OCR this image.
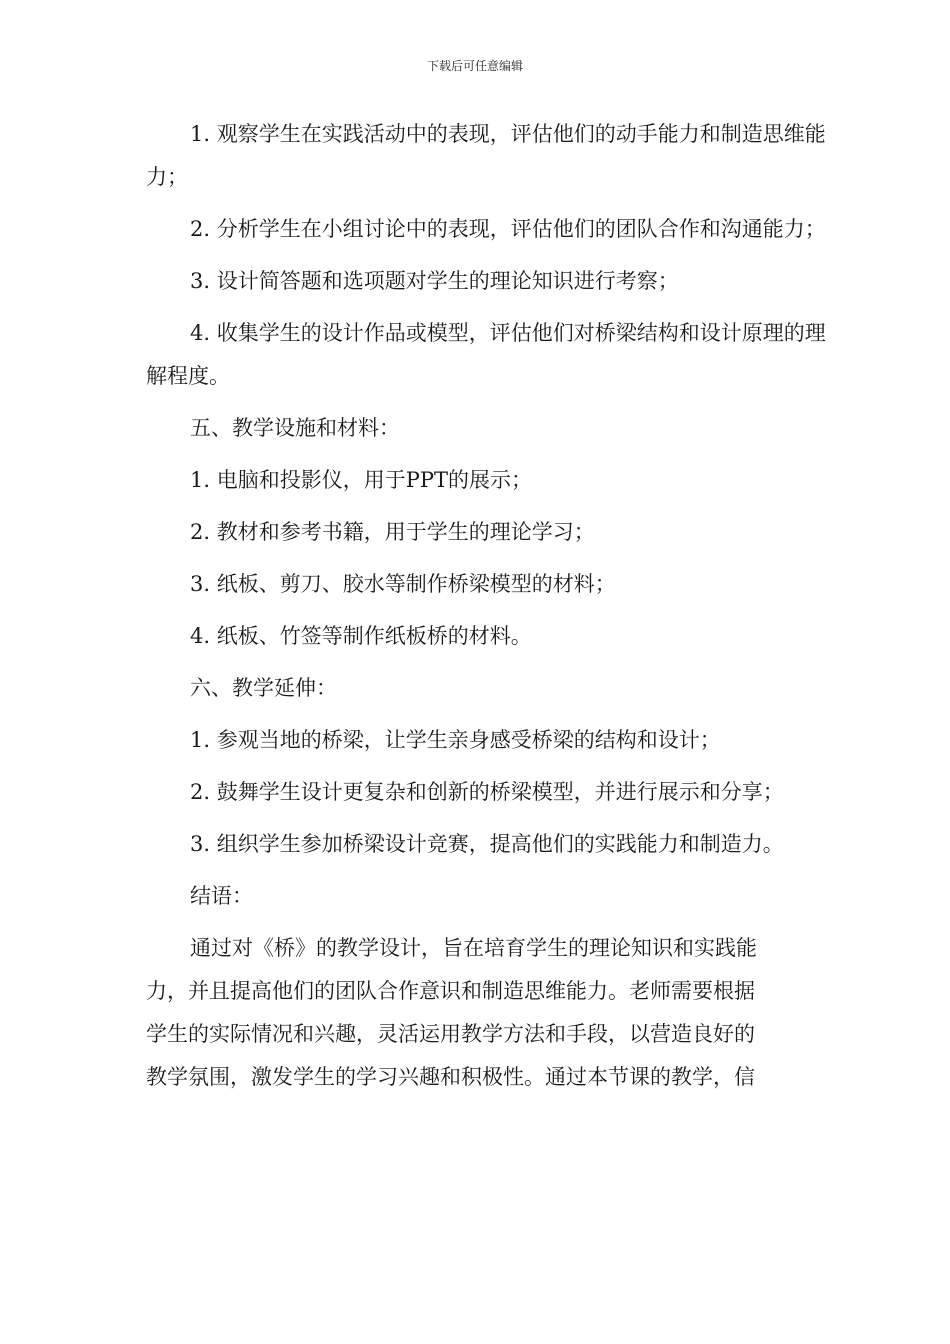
下载后可任意编辑

1. 观察学生在实践活动中的表现，评估他们的动手能力和制造思维能力；

2. 分析学生在小组讨论中的表现，评估他们的团队合作和沟通能力；

3. 设计简答题和选项题对学生的理论知识进行考察；

4. 收集学生的设计作品或模型，评估他们对桥梁结构和设计原理的理解程度。

五、教学设施和材料：

1. 电脑和投影仪，用于PPT的展示；

2. 教材和参考书籍，用于学生的理论学习；

3. 纸板、剪刀、胶水等制作桥梁模型的材料；

4. 纸板、竹签等制作纸板桥的材料。

六、教学延伸：

1. 参观当地的桥梁，让学生亲身感受桥梁的结构和设计；

2. 鼓舞学生设计更复杂和创新的桥梁模型，并进行展示和分享；

3. 组织学生参加桥梁设计竞赛，提高他们的实践能力和制造力。

结语：

通过对《桥》的教学设计，旨在培育学生的理论知识和实践能
力，并且提高他们的团队合作意识和制造思维能力。老师需要根据
学生的实际情况和兴趣，灵活运用教学方法和手段，以营造良好的
教学氛围，激发学生的学习兴趣和积极性。通过本节课的教学，信
